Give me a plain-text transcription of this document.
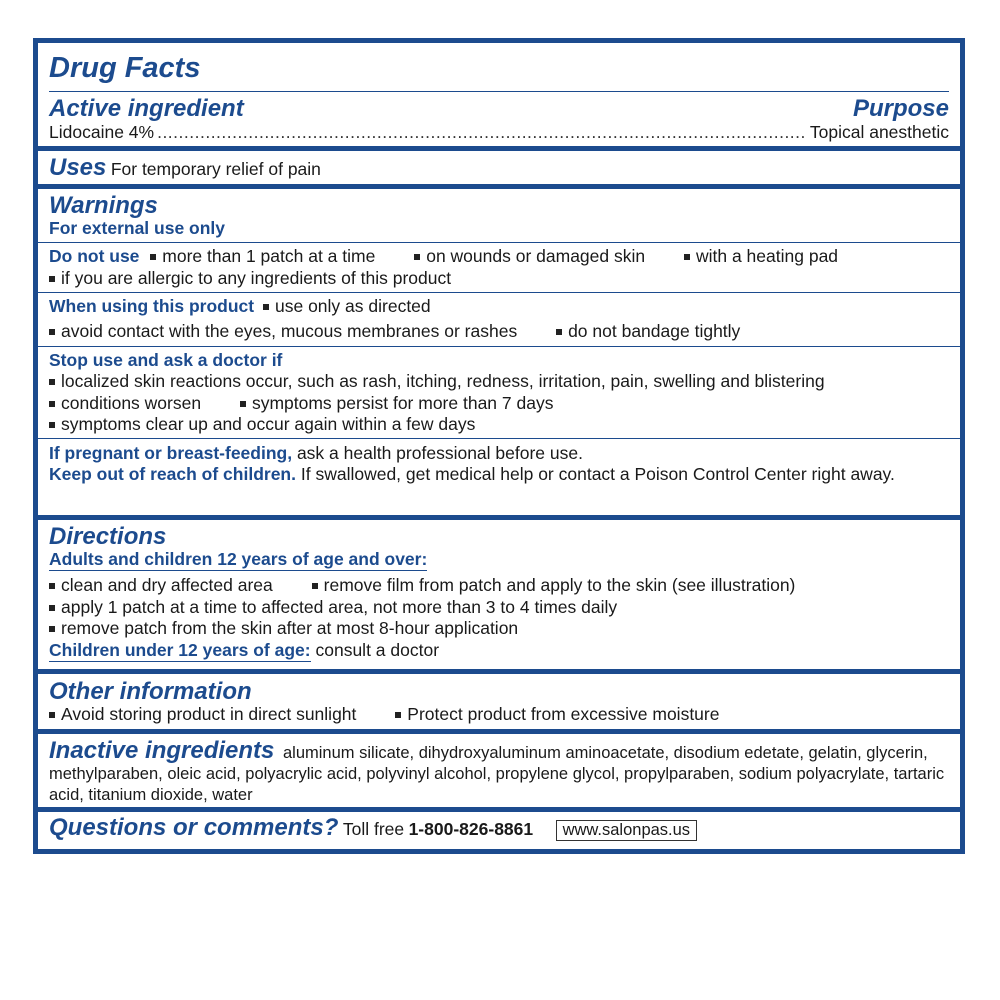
Drug Facts
Active ingredient	Purpose
Lidocaine 4%
.....	Topical anesthetic
Uses For temporary relief of pain
Warnings
For external use only
Do not use more than 1 patch at a time	on wounds or damaged skin	with a heating pad
if you are allergic to any ingredients of this product
When using this product use only as directed
avoid contact with the eyes, mucous membranes or rashes	do not bandage tightly
Stop use and ask a doctor if
localized skin reactions occur, such as rash, itching, redness, irritation, pain, swelling and blistering
conditions worsen	symptoms persist for more than 7 days
symptoms clear up and occur again within a few days
If pregnant or breast-feeding, ask a health professional before use.
Keep out of reach of children. If swallowed, get medical help or contact a Poison Control Center right away.
Directions
Adults and children 12 years of age and over:
clean and dry affected area	remove film from patch and apply to the skin (see illustration)
apply 1 patch at a time to affected area, not more than 3 to 4 times daily
remove patch from the skin after at most 8-hour application
Children under 12 years of age: consult a doctor
Other information
Avoid storing product in direct sunlight	Protect product from excessive moisture
Inactive ingredients aluminum silicate, dihydroxyaluminum aminoacetate, disodium edetate, gelatin, glycerin, methylparaben, oleic acid, polyacrylic acid, polyvinyl alcohol, propylene glycol, propylparaben, sodium polyacrylate, tartaric acid, titanium dioxide, water
Questions or comments? Toll free 1-800-826-8861 www.salonpas.us
